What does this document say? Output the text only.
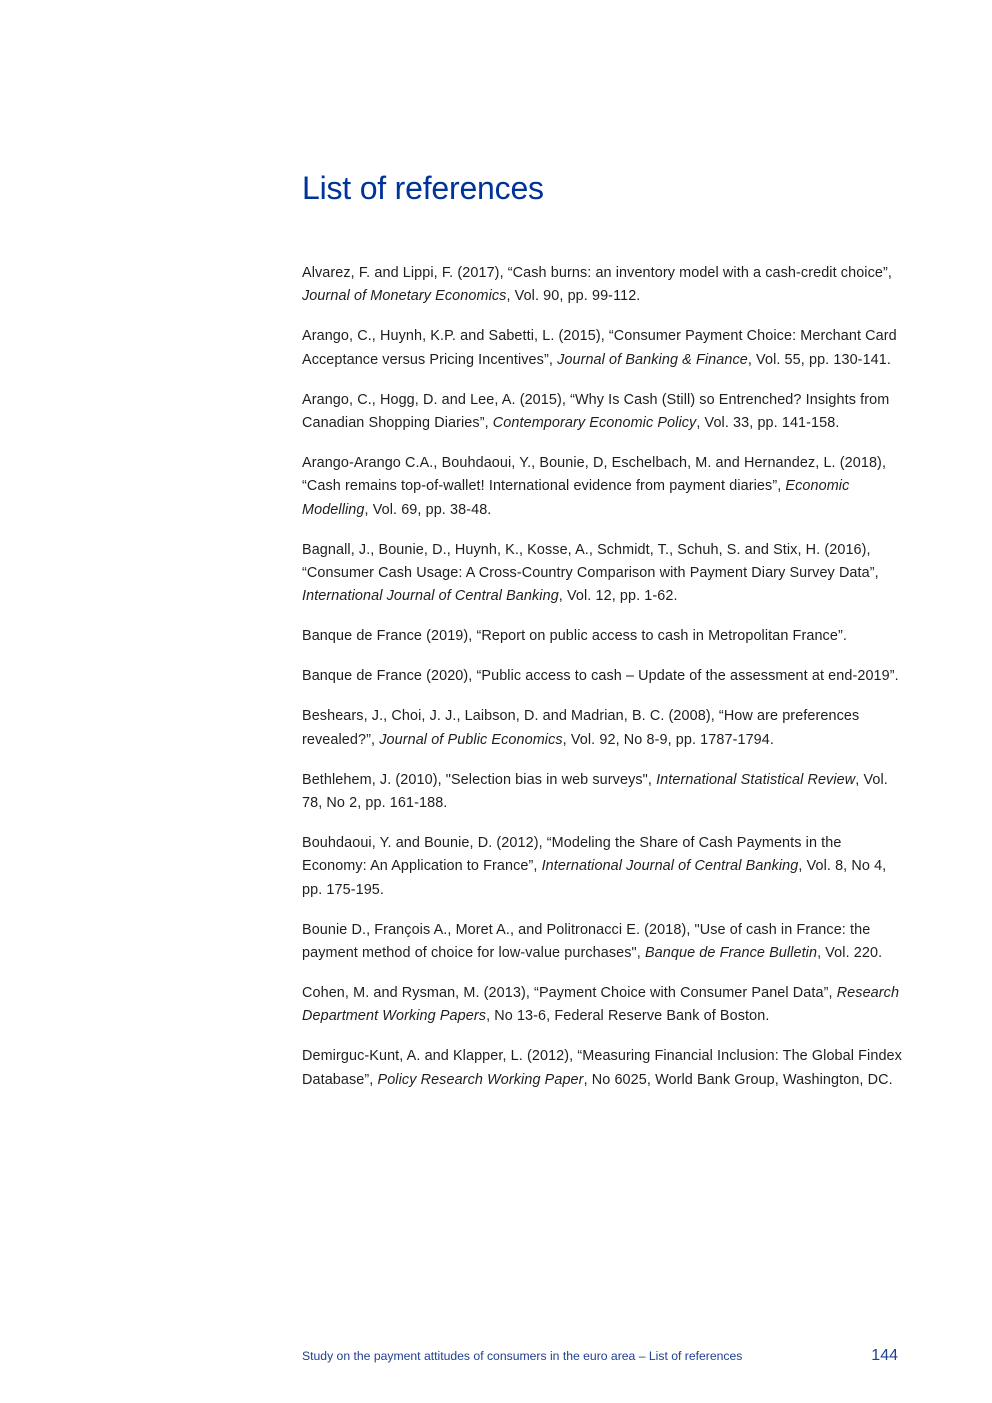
List of references

Alvarez, F. and Lippi, F. (2017), “Cash burns: an inventory model with a cash-credit choice”, Journal of Monetary Economics, Vol. 90, pp. 99-112.

Arango, C., Huynh, K.P. and Sabetti, L. (2015), “Consumer Payment Choice: Merchant Card Acceptance versus Pricing Incentives”, Journal of Banking & Finance, Vol. 55, pp. 130-141.

Arango, C., Hogg, D. and Lee, A. (2015), “Why Is Cash (Still) so Entrenched? Insights from Canadian Shopping Diaries”, Contemporary Economic Policy, Vol. 33, pp. 141-158.

Arango-Arango C.A., Bouhdaoui, Y., Bounie, D, Eschelbach, M. and Hernandez, L. (2018), “Cash remains top-of-wallet! International evidence from payment diaries”, Economic Modelling, Vol. 69, pp. 38-48.

Bagnall, J., Bounie, D., Huynh, K., Kosse, A., Schmidt, T., Schuh, S. and Stix, H. (2016), “Consumer Cash Usage: A Cross-Country Comparison with Payment Diary Survey Data”, International Journal of Central Banking, Vol. 12, pp. 1-62.

Banque de France (2019), “Report on public access to cash in Metropolitan France”.

Banque de France (2020), “Public access to cash – Update of the assessment at end-2019”.

Beshears, J., Choi, J. J., Laibson, D. and Madrian, B. C. (2008), “How are preferences revealed?”, Journal of Public Economics, Vol. 92, No 8-9, pp. 1787-1794.

Bethlehem, J. (2010), "Selection bias in web surveys", International Statistical Review, Vol. 78, No 2, pp. 161-188.

Bouhdaoui, Y. and Bounie, D. (2012), “Modeling the Share of Cash Payments in the Economy: An Application to France”, International Journal of Central Banking, Vol. 8, No 4, pp. 175-195.

Bounie D., François A., Moret A., and Politronacci E. (2018), "Use of cash in France: the payment method of choice for low-value purchases", Banque de France Bulletin, Vol. 220.

Cohen, M. and Rysman, M. (2013), “Payment Choice with Consumer Panel Data”, Research Department Working Papers, No 13-6, Federal Reserve Bank of Boston.

Demirguc-Kunt, A. and Klapper, L. (2012), “Measuring Financial Inclusion: The Global Findex Database”, Policy Research Working Paper, No 6025, World Bank Group, Washington, DC.

Study on the payment attitudes of consumers in the euro area – List of references	144
